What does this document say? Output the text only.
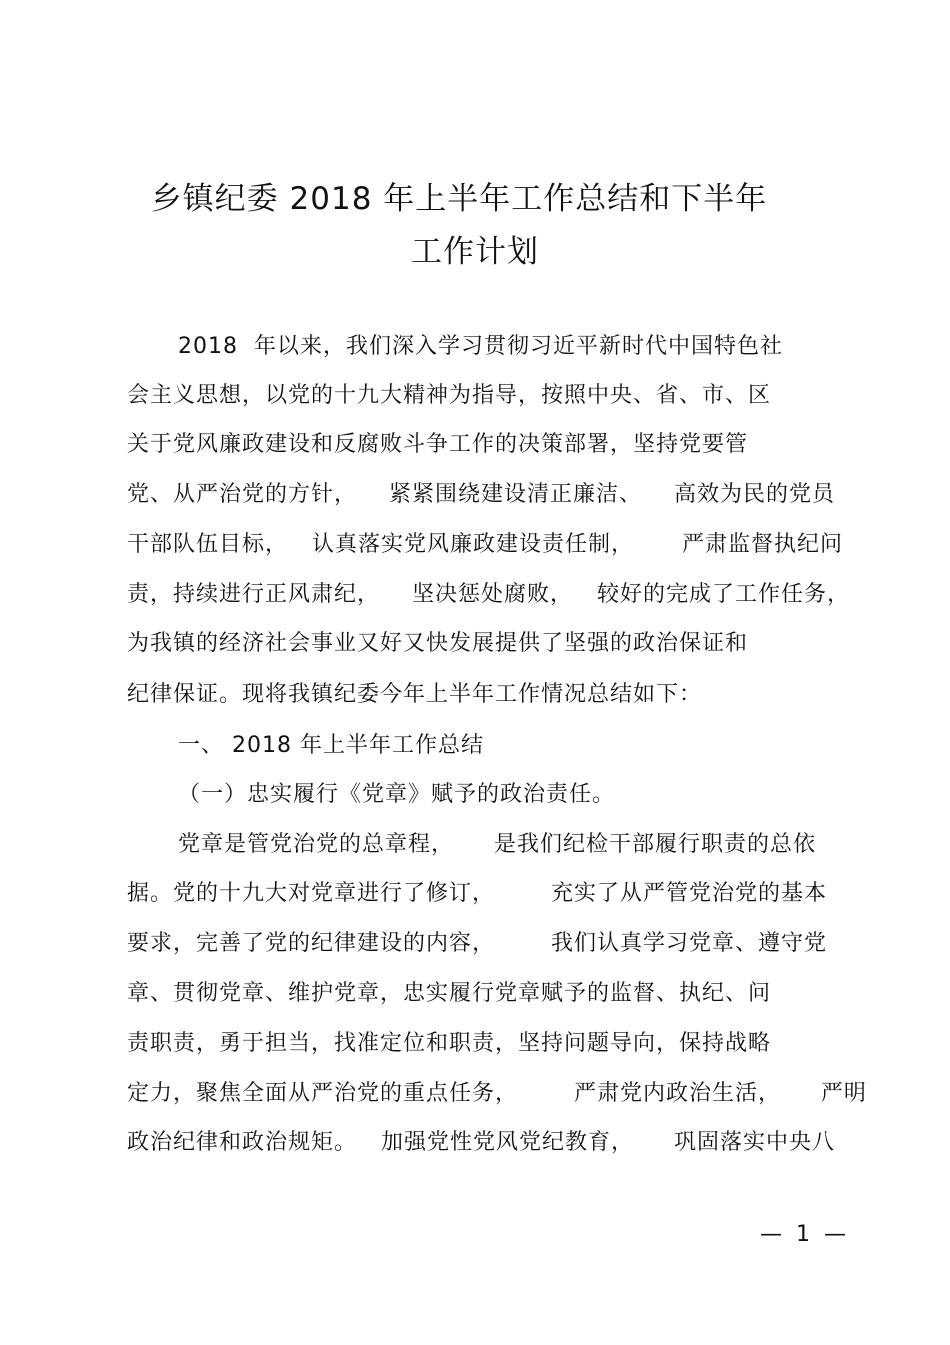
乡镇纪委 2018 年上半年工作总结和下半年
工作计划
2018  年以来，我们深入学习贯彻习近平新时代中国特色社
会主义思想，以党的十九大精神为指导，按照中央、省、市、区
关于党风廉政建设和反腐败斗争工作的决策部署，坚持党要管
党、从严治党的方针，    紧紧围绕建设清正廉洁、    高效为民的党员
干部队伍目标，   认真落实党风廉政建设责任制，      严肃监督执纪问
责，持续进行正风肃纪，    坚决惩处腐败，   较好的完成了工作任务，
为我镇的经济社会事业又好又快发展提供了坚强的政治保证和
纪律保证。现将我镇纪委今年上半年工作情况总结如下：
一、 2018 年上半年工作总结
（一）忠实履行《党章》赋予的政治责任。
党章是管党治党的总章程，     是我们纪检干部履行职责的总依
据。党的十九大对党章进行了修订，       充实了从严管党治党的基本
要求，完善了党的纪律建设的内容，       我们认真学习党章、遵守党
章、贯彻党章、维护党章，忠实履行党章赋予的监督、执纪、问
责职责，勇于担当，找准定位和职责，坚持问题导向，保持战略
定力，聚焦全面从严治党的重点任务，       严肃党内政治生活，     严明
政治纪律和政治规矩。   加强党性党风党纪教育，     巩固落实中央八
—  1  —
